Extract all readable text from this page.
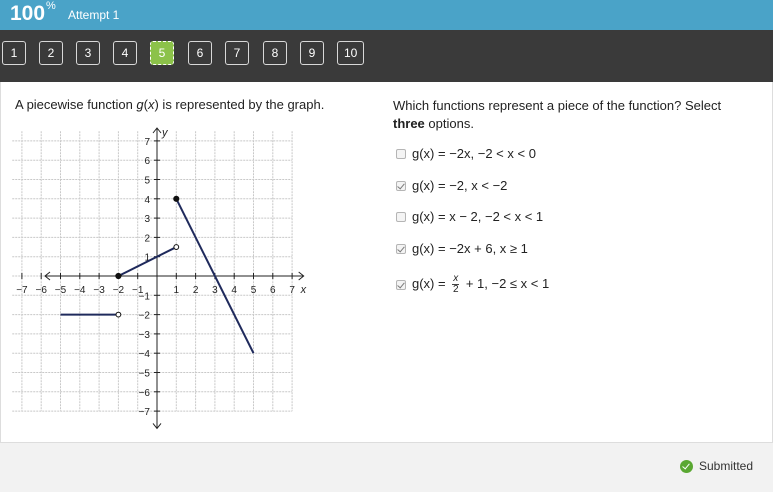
100%
Attempt 1
1	2	3	4	5	6	7	8	9	10
A piecewise function g(x) is represented by the graph.	Which functions represent a piece of the function? Select three options.
−7 −6 −5 −4 −3 −2 −1	1 2 3 4 5 6 7
7
6
5
4
3
2
1
−1
−2
−3
−4
−5
−6
−7
x
y
g(x) = −2x, −2 < x < 0
g(x) = −2, x < −2
g(x) = x − 2, −2 < x < 1
g(x) = −2x + 6, x ≥ 1
$g(x) = \frac{x}{2} + 1$, −2 ≤ x < 1
Submitted
